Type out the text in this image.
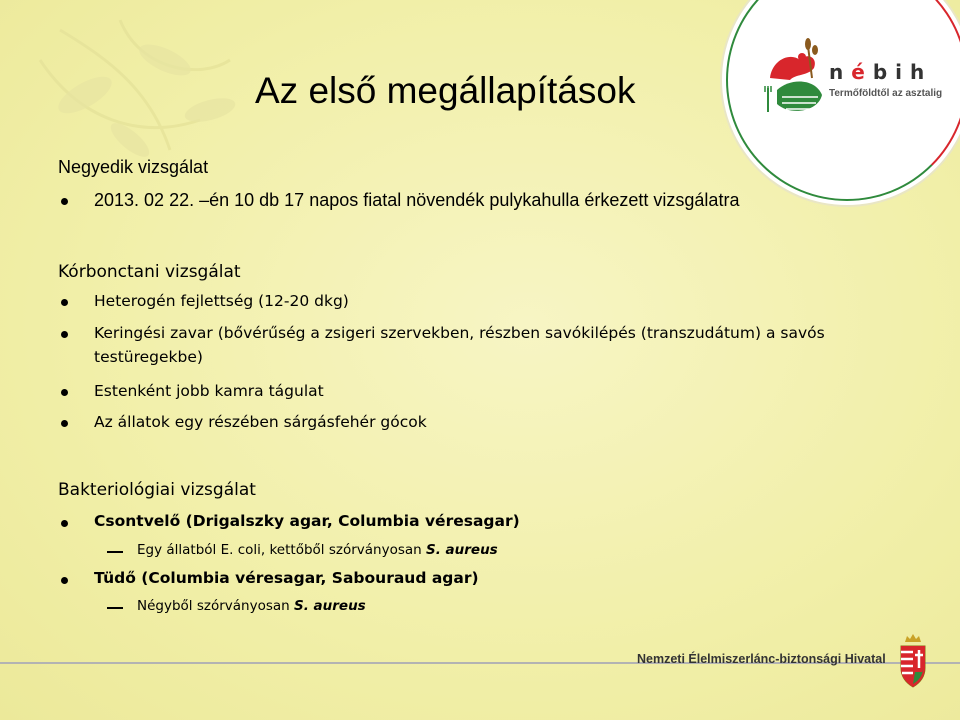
nébih
Termőföldtől az asztalig
Az első megállapítások
Negyedik vizsgálat
2013. 02 22. –én 10 db 17 napos fiatal növendék pulykahulla érkezett vizsgálatra
Kórbonctani vizsgálat
Heterogén fejlettség (12-20 dkg)
Keringési zavar (bővérűség a zsigeri szervekben, részben savókilépés (transzudátum) a savós
testüregekbe)
Estenként jobb kamra tágulat
Az állatok egy részében sárgásfehér gócok
Bakteriológiai vizsgálat
Csontvelő (Drigalszky agar, Columbia véresagar)
Egy állatból E. coli, kettőből szórványosan S. aureus
Tüdő (Columbia véresagar, Sabouraud agar)
Négyből szórványosan S. aureus
Nemzeti Élelmiszerlánc-biztonsági Hivatal
